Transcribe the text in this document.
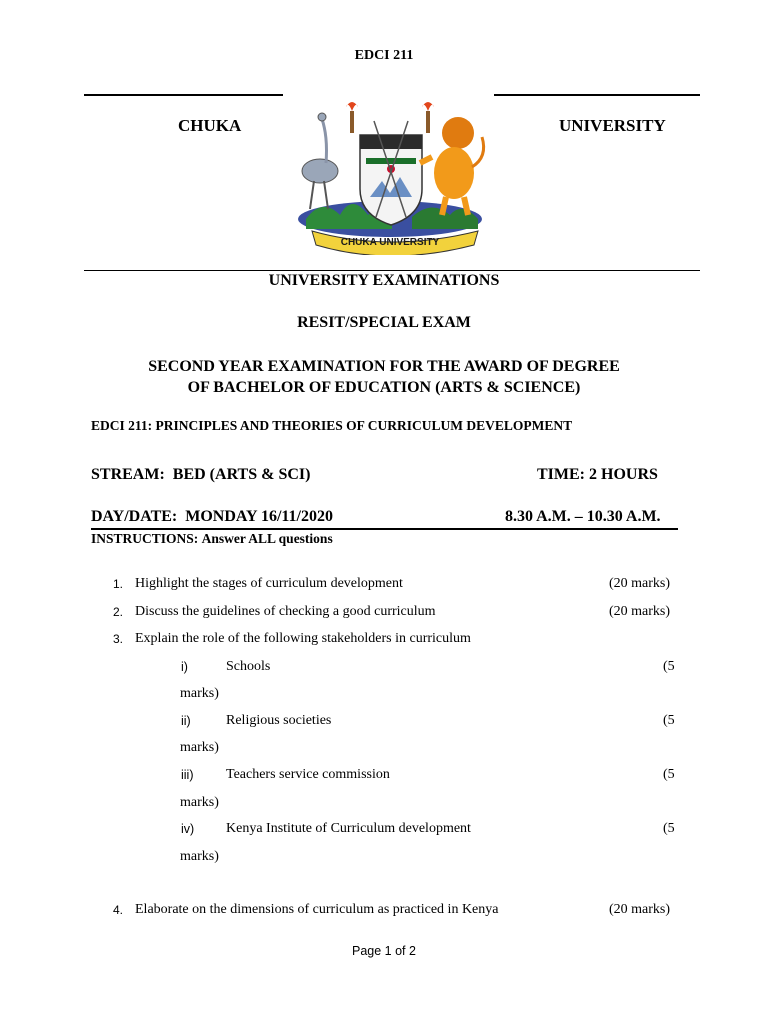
EDCI 211
CHUKA	UNIVERSITY
CHUKA UNIVERSITY
UNIVERSITY EXAMINATIONS
RESIT/SPECIAL EXAM
SECOND YEAR EXAMINATION FOR THE AWARD OF DEGREE
OF BACHELOR OF EDUCATION (ARTS & SCIENCE)
EDCI 211: PRINCIPLES AND THEORIES OF CURRICULUM DEVELOPMENT
STREAM: BED (ARTS & SCI)	TIME: 2 HOURS
DAY/DATE: MONDAY 16/11/2020	8.30 A.M. – 10.30 A.M.
INSTRUCTIONS: Answer ALL questions
1. Highlight the stages of curriculum development	(20 marks)
2. Discuss the guidelines of checking a good curriculum	(20 marks)
3. Explain the role of the following stakeholders in curriculum
i)	Schools	(5
marks)
ii)	Religious societies	(5
marks)
iii) Teachers service commission	(5
marks)
iv) Kenya Institute of Curriculum development	(5
marks)
4. Elaborate on the dimensions of curriculum as practiced in Kenya	(20 marks)
Page 1 of 2
